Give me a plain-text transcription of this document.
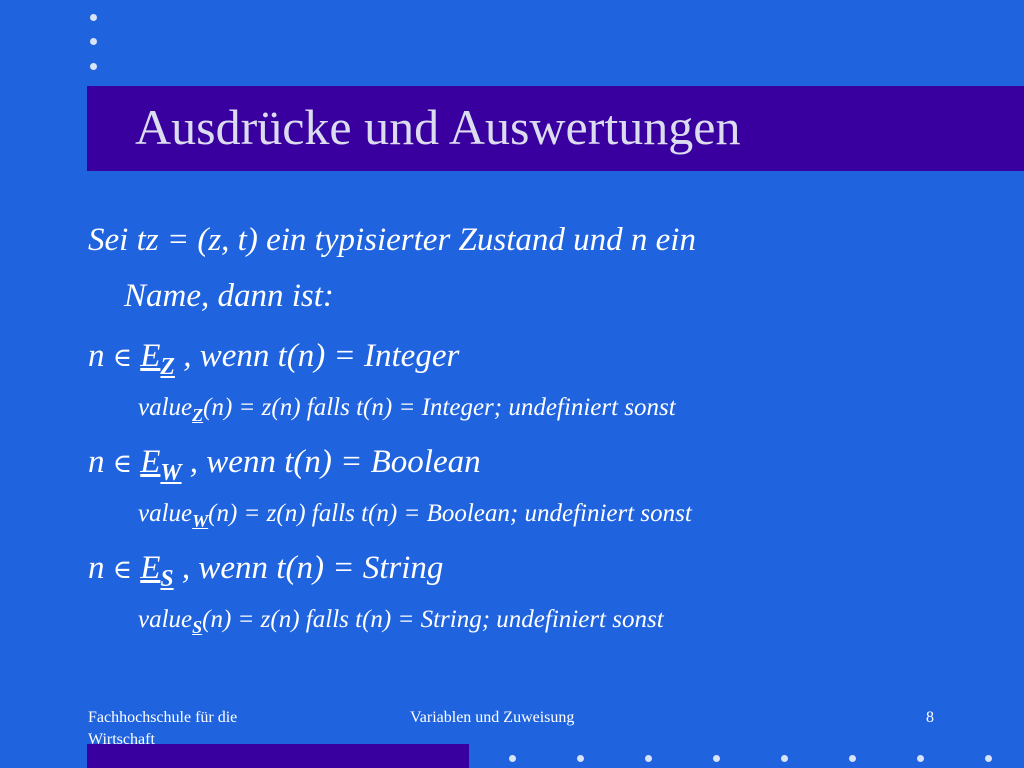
Ausdrücke und Auswertungen
Sei tz = (z, t) ein typisierter Zustand und n ein
Name, dann ist:
n ∈ $E_Z$ , wenn t(n) = Integer
value$_Z$(n) = z(n) falls t(n) = Integer; undefiniert sonst
n ∈ $E_W$ , wenn t(n) = Boolean
value$_W$(n) = z(n) falls t(n) = Boolean; undefiniert sonst
n ∈ $E_S$ , wenn t(n) = String
value$_S$(n) = z(n) falls t(n) = String; undefiniert sonst
Fachhochschule für die
Wirtschaft
Variablen und Zuweisung	8
